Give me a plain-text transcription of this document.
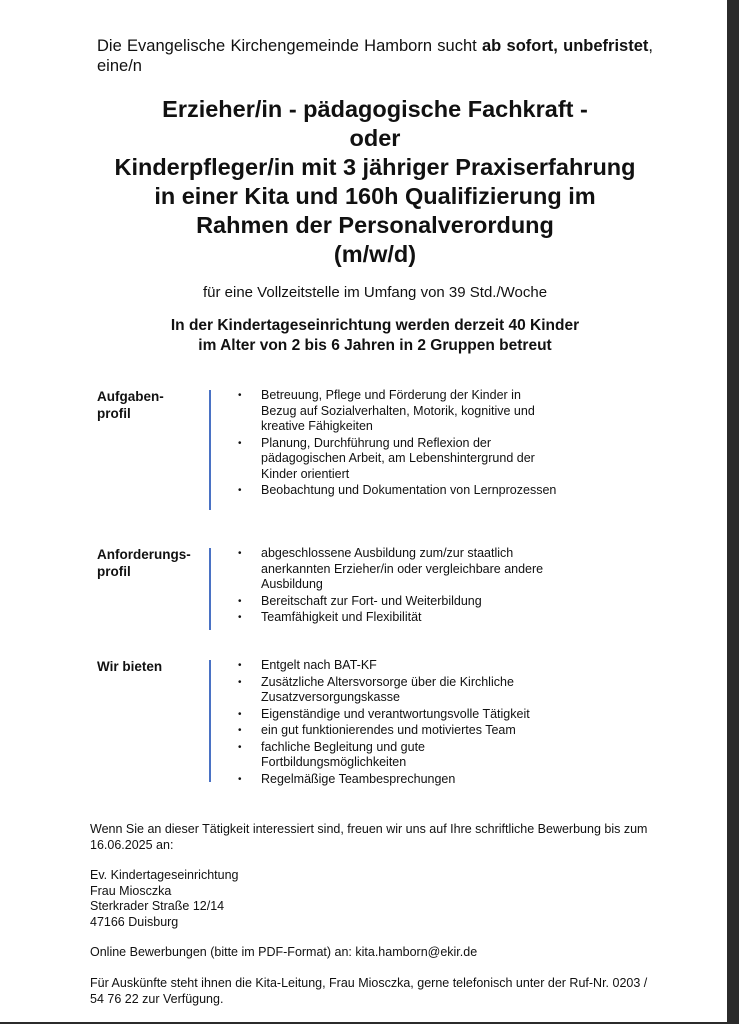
Die Evangelische Kirchengemeinde Hamborn sucht ab sofort, unbefristet, eine/n
Erzieher/in - pädagogische Fachkraft -
oder
Kinderpfleger/in mit 3 jähriger Praxiserfahrung
in einer Kita und 160h Qualifizierung im
Rahmen der Personalverordung
(m/w/d)
für eine Vollzeitstelle im Umfang von 39 Std./Woche
In der Kindertageseinrichtung werden derzeit 40 Kinder
im Alter von 2 bis 6 Jahren in 2 Gruppen betreut
Aufgaben-
profil
• Betreuung, Pflege und Förderung der Kinder in Bezug auf Sozialverhalten, Motorik, kognitive und kreative Fähigkeiten
• Planung, Durchführung und Reflexion der pädagogischen Arbeit, am Lebenshintergrund der Kinder orientiert
• Beobachtung und Dokumentation von Lernprozessen
Anforderungs-
profil
• abgeschlossene Ausbildung zum/zur staatlich anerkannten Erzieher/in oder vergleichbare andere Ausbildung
• Bereitschaft zur Fort- und Weiterbildung
• Teamfähigkeit und Flexibilität
Wir bieten	• Entgelt nach BAT-KF
• Zusätzliche Altersvorsorge über die Kirchliche Zusatzversorgungskasse
• Eigenständige und verantwortungsvolle Tätigkeit
• ein gut funktionierendes und motiviertes Team
• fachliche Begleitung und gute Fortbildungsmöglichkeiten
• Regelmäßige Teambesprechungen
Wenn Sie an dieser Tätigkeit interessiert sind, freuen wir uns auf Ihre schriftliche Bewerbung bis zum 16.06.2025 an:
Ev. Kindertageseinrichtung
Frau Miosczka
Sterkrader Straße 12/14
47166 Duisburg
Online Bewerbungen (bitte im PDF-Format) an: kita.hamborn@ekir.de
Für Auskünfte steht ihnen die Kita-Leitung, Frau Miosczka, gerne telefonisch unter der Ruf-Nr. 0203 / 54 76 22 zur Verfügung.
